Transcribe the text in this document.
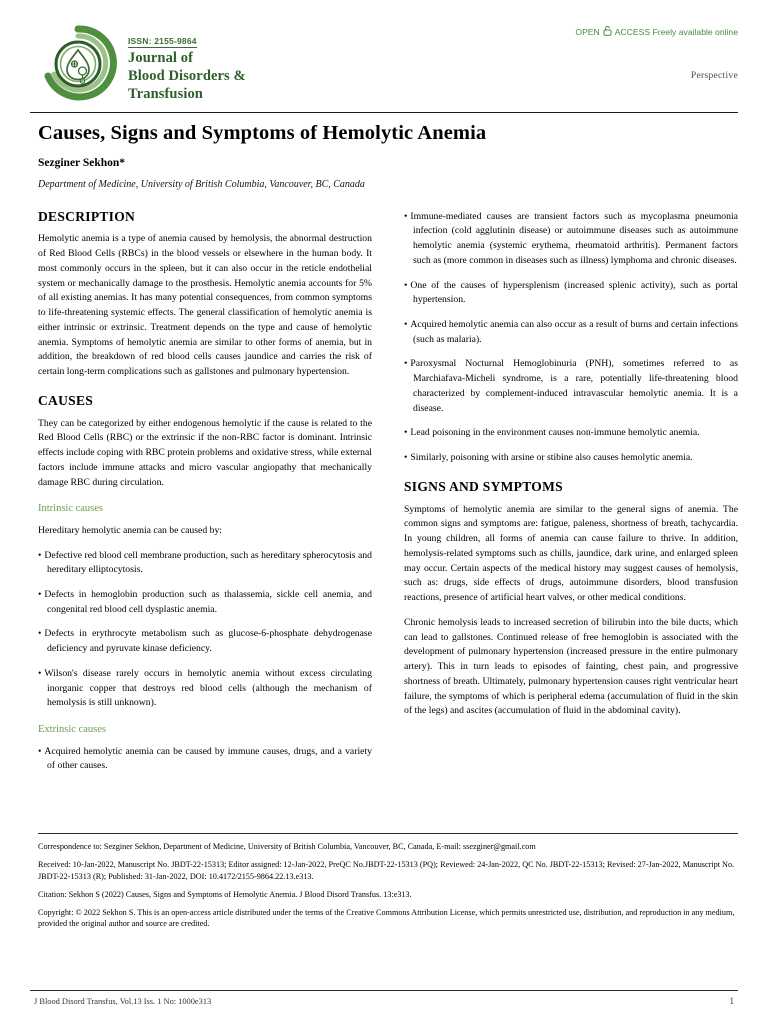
ISSN: 2155-9864
Journal of
Blood Disorders &
Transfusion
OPEN ACCESS Freely available online
Perspective
Causes, Signs and Symptoms of Hemolytic Anemia
Sezginer Sekhon*
Department of Medicine, University of British Columbia, Vancouver, BC, Canada
DESCRIPTION

Hemolytic anemia is a type of anemia caused by hemolysis, the abnormal destruction of Red Blood Cells (RBCs) in the blood vessels or elsewhere in the human body. It most commonly occurs in the spleen, but it can also occur in the reticle endothelial system or mechanically damage to the prosthesis. Hemolytic anemia accounts for 5% of all existing anemias. It has many potential consequences, from common symptoms to life-threatening systemic effects. The general classification of hemolytic anemia is either intrinsic or extrinsic. Treatment depends on the type and cause of hemolytic anemia. Symptoms of hemolytic anemia are similar to other forms of anemia, but in addition, the breakdown of red blood cells causes jaundice and carries the risk of certain long-term complications such as gallstones and pulmonary hypertension.

CAUSES

They can be categorized by either endogenous hemolytic if the cause is related to the Red Blood Cells (RBC) or the extrinsic if the non-RBC factor is dominant. Intrinsic effects include coping with RBC protein problems and oxidative stress, while external factors include immune attacks and micro vascular angiopathy that mechanically damage RBC during circulation.

Intrinsic causes

Hereditary hemolytic anemia can be caused by:

• Defective red blood cell membrane production, such as hereditary spherocytosis and hereditary elliptocytosis.

• Defects in hemoglobin production such as thalassemia, sickle cell anemia, and congenital red blood cell dysplastic anemia.

• Defects in erythrocyte metabolism such as glucose-6-phosphate dehydrogenase deficiency and pyruvate kinase deficiency.

• Wilson's disease rarely occurs in hemolytic anemia without excess circulating inorganic copper that destroys red blood cells (although the mechanism of hemolysis is still unknown).

Extrinsic causes

• Acquired hemolytic anemia can be caused by immune causes, drugs, and a variety of other causes.

• Immune-mediated causes are transient factors such as mycoplasma pneumonia infection (cold agglutinin disease) or autoimmune diseases such as autoimmune hemolytic anemia (systemic erythema, rheumatoid arthritis). Permanent factors such as (more common in diseases such as illness) lymphoma and chronic diseases.

• One of the causes of hypersplenism (increased splenic activity), such as portal hypertension.

• Acquired hemolytic anemia can also occur as a result of burns and certain infections (such as malaria).

• Paroxysmal Nocturnal Hemoglobinuria (PNH), sometimes referred to as Marchiafava-Micheli syndrome, is a rare, potentially life-threatening blood characterized by complement-induced intravascular hemolytic anemia. It is a disease.

• Lead poisoning in the environment causes non-immune hemolytic anemia.

• Similarly, poisoning with arsine or stibine also causes hemolytic anemia.

SIGNS AND SYMPTOMS

Symptoms of hemolytic anemia are similar to the general signs of anemia. The common signs and symptoms are: fatigue, paleness, shortness of breath, tachycardia. In young children, all forms of anemia can cause failure to thrive. In addition, hemolysis-related symptoms such as chills, jaundice, dark urine, and enlarged spleen may occur. Certain aspects of the medical history may suggest causes of hemolysis, such as: drugs, side effects of drugs, autoimmune disorders, blood transfusion reactions, presence of artificial heart valves, or other medical conditions.

Chronic hemolysis leads to increased secretion of bilirubin into the bile ducts, which can lead to gallstones. Continued release of free hemoglobin is associated with the development of pulmonary hypertension (increased pressure in the entire pulmonary artery). This in turn leads to episodes of fainting, chest pain, and progressive shortness of breath. Ultimately, pulmonary hypertension causes right ventricular heart failure, the symptoms of which is peripheral edema (accumulation of fluid in the skin of the legs) and ascites (accumulation of fluid in the abdominal cavity).

Correspondence to: Sezginer Sekhon, Department of Medicine, University of British Columbia, Vancouver, BC, Canada, E-mail: ssezginer@gmail.com

Received: 10-Jan-2022, Manuscript No. JBDT-22-15313; Editor assigned: 12-Jan-2022, PreQC No.JBDT-22-15313 (PQ); Reviewed: 24-Jan-2022, QC No. JBDT-22-15313; Revised: 27-Jan-2022, Manuscript No. JBDT-22-15313 (R); Published: 31-Jan-2022, DOI: 10.4172/2155-9864.22.13.e313.

Citation: Sekhon S (2022) Causes, Signs and Symptoms of Hemolytic Anemia. J Blood Disord Transfus. 13:e313.

Copyright: © 2022 Sekhon S. This is an open-access article distributed under the terms of the Creative Commons Attribution License, which permits unrestricted use, distribution, and reproduction in any medium, provided the original author and source are credited.

J Blood Disord Transfus, Vol.13 Iss. 1 No: 1000e313	1
